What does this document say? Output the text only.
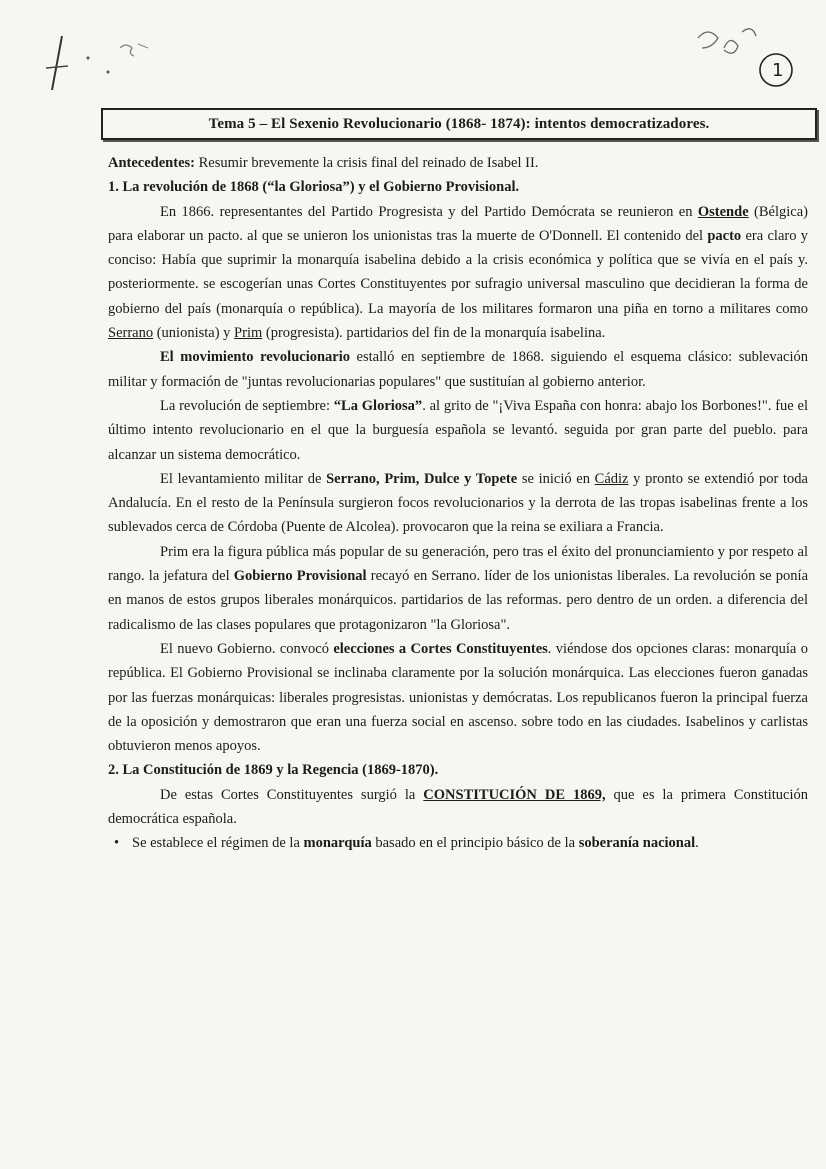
1
Tema 5 – El Sexenio Revolucionario (1868- 1874): intentos democratizadores.

Antecedentes: Resumir brevemente la crisis final del reinado de Isabel II.

1. La revolución de 1868 (“la Gloriosa”) y el Gobierno Provisional.

En 1866. representantes del Partido Progresista y del Partido Demócrata se reunieron en Ostende (Bélgica) para elaborar un pacto. al que se unieron los unionistas tras la muerte de O'Donnell. El contenido del pacto era claro y conciso: Había que suprimir la monarquía isabelina debido a la crisis económica y política que se vivía en el país y. posteriormente. se escogerían unas Cortes Constituyentes por sufragio universal masculino que decidieran la forma de gobierno del país (monarquía o república). La mayoría de los militares formaron una piña en torno a militares como Serrano (unionista) y Prim (progresista). partidarios del fin de la monarquía isabelina.

El movimiento revolucionario estalló en septiembre de 1868. siguiendo el esquema clásico: sublevación militar y formación de "juntas revolucionarias populares" que sustituían al gobierno anterior.

La revolución de septiembre: “La Gloriosa”. al grito de "¡Viva España con honra: abajo los Borbones!". fue el último intento revolucionario en el que la burguesía española se levantó. seguida por gran parte del pueblo. para alcanzar un sistema democrático.

El levantamiento militar de Serrano, Prim, Dulce y Topete se inició en Cádiz y pronto se extendió por toda Andalucía. En el resto de la Península surgieron focos revolucionarios y la derrota de las tropas isabelinas frente a los sublevados cerca de Córdoba (Puente de Alcolea). provocaron que la reina se exiliara a Francia.

Prim era la figura pública más popular de su generación, pero tras el éxito del pronunciamiento y por respeto al rango. la jefatura del Gobierno Provisional recayó en Serrano. líder de los unionistas liberales. La revolución se ponía en manos de estos grupos liberales monárquicos. partidarios de las reformas. pero dentro de un orden. a diferencia del radicalismo de las clases populares que protagonizaron "la Gloriosa".

El nuevo Gobierno. convocó elecciones a Cortes Constituyentes. viéndose dos opciones claras: monarquía o república. El Gobierno Provisional se inclinaba claramente por la solución monárquica. Las elecciones fueron ganadas por las fuerzas monárquicas: liberales progresistas. unionistas y demócratas. Los republicanos fueron la principal fuerza de la oposición y demostraron que eran una fuerza social en ascenso. sobre todo en las ciudades. Isabelinos y carlistas obtuvieron menos apoyos.

2. La Constitución de 1869 y la Regencia (1869-1870).

De estas Cortes Constituyentes surgió la CONSTITUCIÓN DE 1869, que es la primera Constitución democrática española.

• Se establece el régimen de la monarquía basado en el principio básico de la soberanía nacional.
